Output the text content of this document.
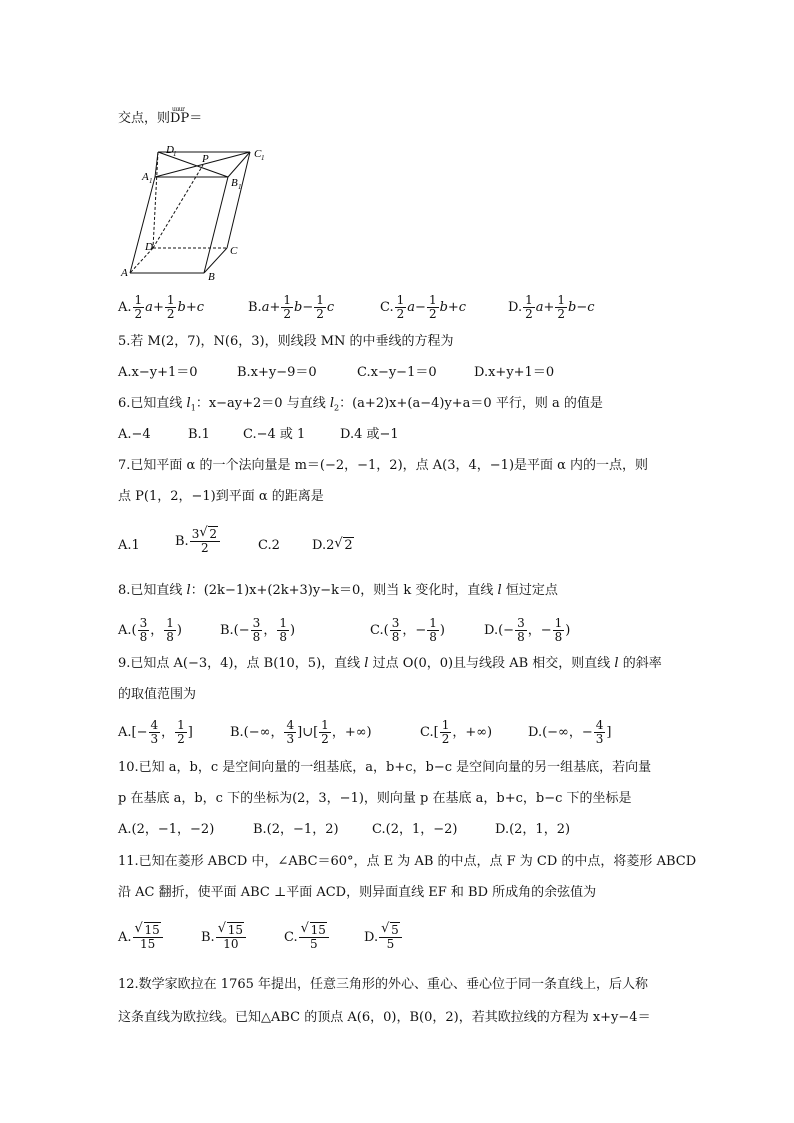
交点，则
uuur
DP＝
D 1 P	C 1
A 1	B 1
D	C
A	B
A. $\frac{1}{2} a+ \frac{1}{2} b+c$	$B.a+ \frac{1}{2} b- \frac{1}{2}$ c	C. $\frac{1}{2} a- \frac{1}{2} b+c$	D. $\frac{1}{2} a+ \frac{1}{2} b-c$
5.若 M(2，7)，N(6，3)，则线段 MN 的中垂线的方程为
A.x−y+1＝0	B.x+y−9＝0	C.x−y−1＝0	D.x+y+1＝0
6.已知直线 $l_1$：x−ay+2＝0 与直线 $l_2$：(a+2)x+(a−4)y+a＝0 平行，则 a 的值是
A.−4	B.1	C.−4 或 1	D.4 或−1
7.已知平面 α 的一个法向量是 m＝(−2，−1，2)，点 A(3，4，−1)是平面 α 内的一点，则
点 P(1，2，−1)到平面 α 的距离是
A.1	B. $\frac{3 √ 2}{2}$	C.2 D.2 √ 2
8.已知直线 l：(2k−1)x+(2k+3)y−k＝0，则当 k 变化时，直线 l 恒过定点
$A.( \frac{3}{8}$ ， $\frac{1}{8}$ )	$B.(- \frac{3}{8}$ ， $\frac{1}{8}$ )	$C.( \frac{3}{8}$ ，− $\frac{1}{8}$ )	$D.(- \frac{3}{8}$ ，− $\frac{1}{8}$ )
9.已知点 A(−3，4)，点 B(10，5)，直线 l 过点 O(0，0)且与线段 AB 相交，则直线 l 的斜率
的取值范围为
$A.[- \frac{4}{3}$ ， $\frac{1}{2}$ ]	B.(−∞， $\frac{4}{3}$ ]∪[ $\frac{1}{2}$ ，+∞)	$C.[ \frac{1}{2}$ ，+∞)	D.(−∞，− $\frac{4}{3}$ ]
10.已知 a，b，c 是空间向量的一组基底，a，b+c，b−c 是空间向量的另一组基底，若向量
p 在基底 a，b，c 下的坐标为(2，3，−1)，则向量 p 在基底 a，b+c，b−c 下的坐标是
A.(2，−1，−2)	B.(2，−1，2)	C.(2，1，−2)	D.(2，1，2)
11.已知在菱形 ABCD 中，∠ABC＝60°，点 E 为 AB 的中点，点 F 为 CD 的中点，将菱形 ABCD
沿 AC 翻折，使平面 ABC ⊥平面 ACD，则异面直线 EF 和 BD 所成角的余弦值为
A. √ $\frac{15}{15}$	B. √ $\frac{15}{10}$	C. √ $\frac{15}{5}$	D. √ $\frac{5}{5}$
12.数学家欧拉在 1765 年提出，任意三角形的外心、重心、垂心位于同一条直线上，后人称
这条直线为欧拉线。已知△ABC 的顶点 A(6，0)，B(0，2)，若其欧拉线的方程为 x+y−4＝
